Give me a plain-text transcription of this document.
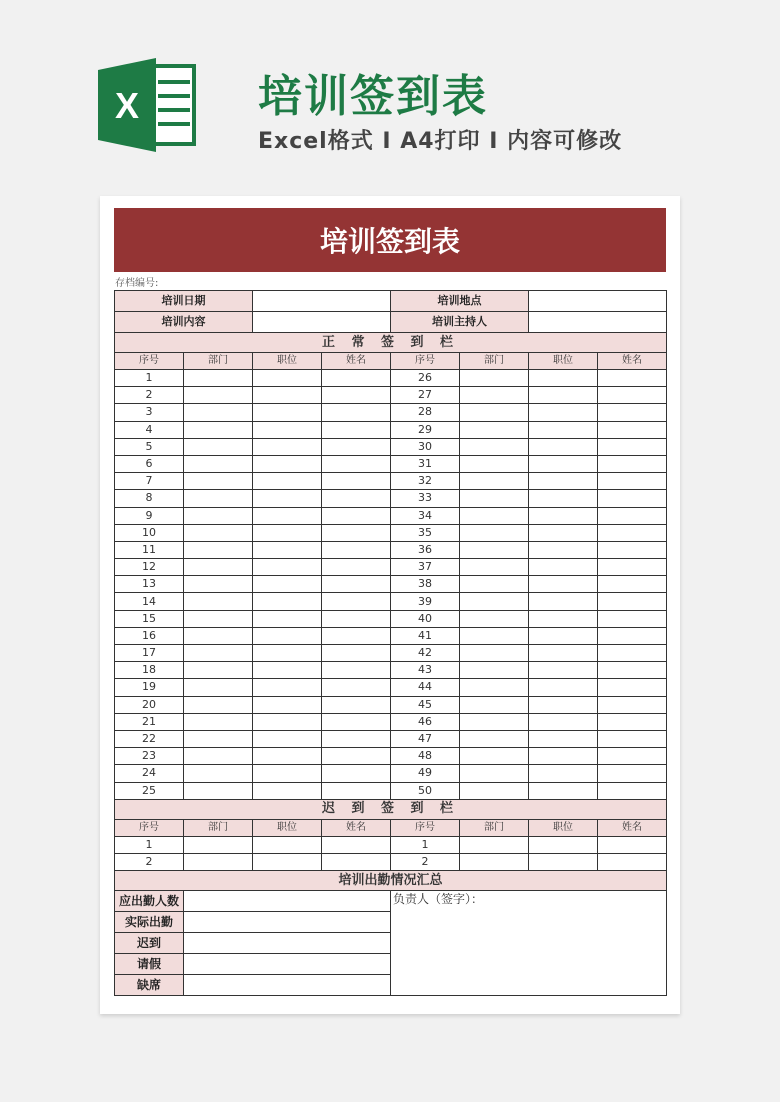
X	培训签到表
Excel格式 I A4打印 I 内容可修改
培训签到表
存档编号:
培训日期				培训地点			
培训内容				培训主持人			
正 常 签 到 栏							
序号	部门	职位	姓名	序号	部门	职位	姓名
1				26			
2				27			
3				28			
4				29			
5				30			
6				31			
7				32			
8				33			
9				34			
10				35			
11				36			
12				37			
13				38			
14				39			
15				40			
16				41			
17				42			
18				43			
19				44			
20				45			
21				46			
22				47			
23				48			
24				49			
25				50			
迟 到 签 到 栏							
序号	部门	职位	姓名	序号	部门	职位	姓名
1				1			
2				2			
培训出勤情况汇总							
应出勤人数				负责人（签字）：			
实际出勤							
迟到							
请假							
缺席							
